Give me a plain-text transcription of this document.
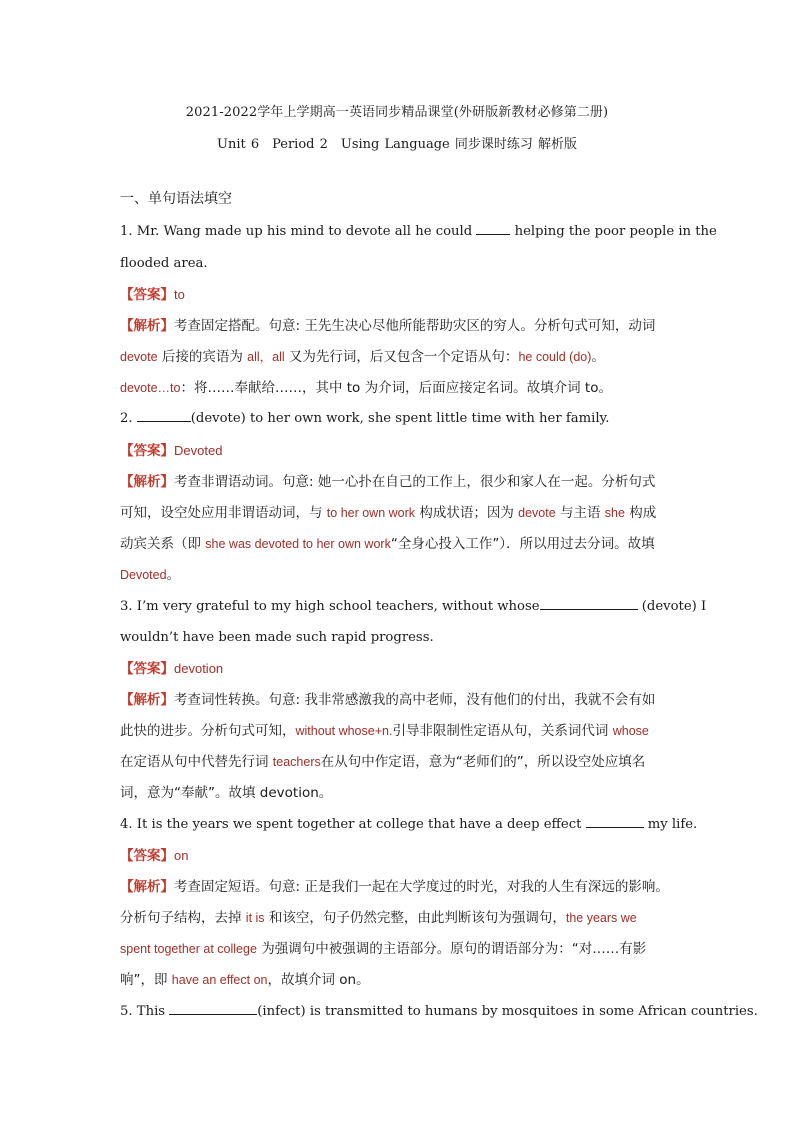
2021-2022学年上学期高一英语同步精品课堂(外研版新教材必修第二册)
Unit 6　Period 2　Using Language 同步课时练习 解析版
一、单句语法填空
1. Mr. Wang made up his mind to devote all he could	helping the poor people in the
flooded area.
【答案】to
【解析】考查固定搭配。句意: 王先生决心尽他所能帮助灾区的穷人。分析句式可知，动词
devote 后接的宾语为 all，all 又为先行词，后又包含一个定语从句：he could (do)。
devote…to：将……奉献给……，其中 to 为介词，后面应接定名词。故填介词 to。
2.	(devote) to her own work, she spent little time with her family.
【答案】Devoted
【解析】考查非谓语动词。句意: 她一心扑在自己的工作上，很少和家人在一起。分析句式
可知，设空处应用非谓语动词，与 to her own work 构成状语；因为 devote 与主语 she 构成
动宾关系（即 she was devoted to her own work“全身心投入工作”）．所以用过去分词。故填
Devoted。
3. I’m very grateful to my high school teachers, without whose	(devote) I
wouldn’t have been made such rapid progress.
【答案】devotion
【解析】考查词性转换。句意: 我非常感激我的高中老师，没有他们的付出，我就不会有如
此快的进步。分析句式可知，without whose+n.引导非限制性定语从句，关系词代词 whose
在定语从句中代替先行词 teachers在从句中作定语，意为“老师们的”，所以设空处应填名
词，意为“奉献”。故填 devotion。
4. It is the years we spent together at college that have a deep effect	my life.
【答案】on
【解析】考查固定短语。句意: 正是我们一起在大学度过的时光，对我的人生有深远的影响。
分析句子结构，去掉 it is 和该空，句子仍然完整，由此判断该句为强调句，the years we
spent together at college 为强调句中被强调的主语部分。原句的谓语部分为：“对……有影
响”，即 have an effect on，故填介词 on。
5. This	(infect) is transmitted to humans by mosquitoes in some African countries.
